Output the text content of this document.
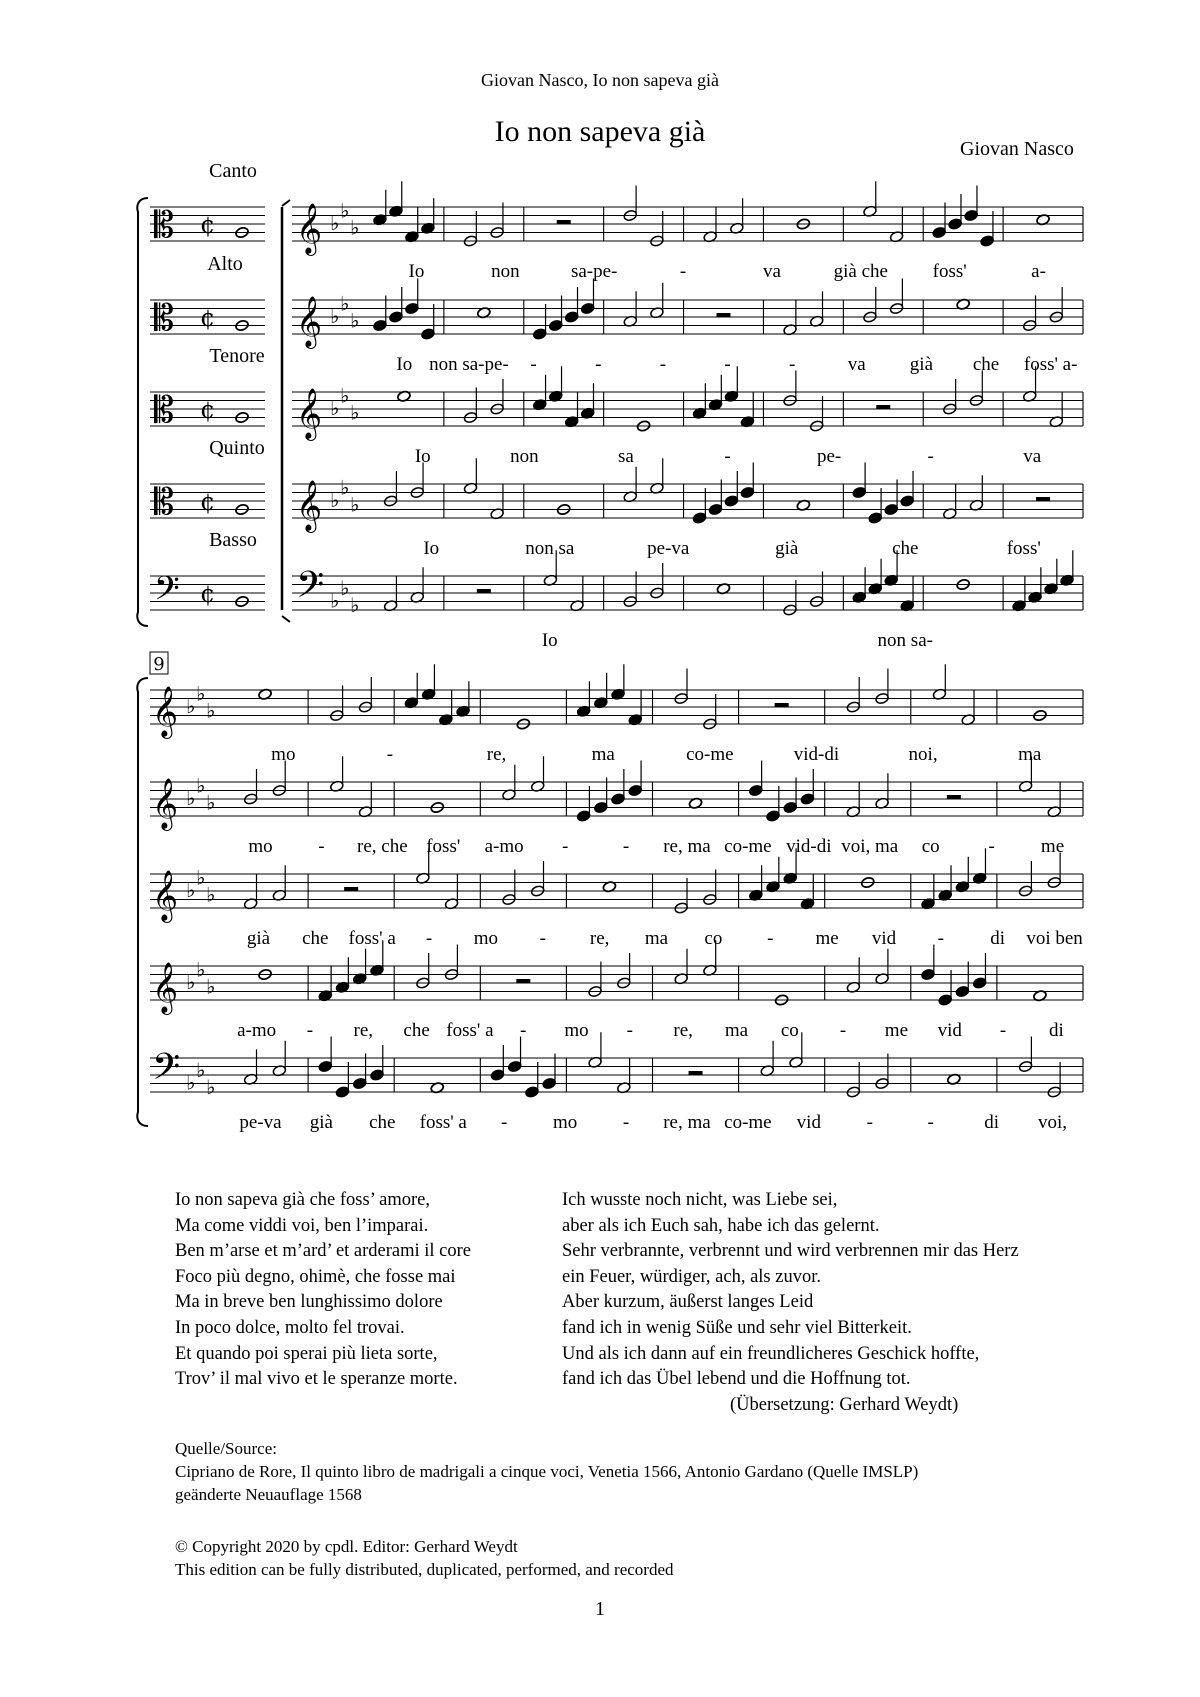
Giovan Nasco, Io non sapeva già
Io non sapeva già
Giovan Nasco
Canto
𝄡 ¢ 𝄞 ♭
♭
♭
Io	non	sa-pe-	-	va	già che foss'	a-
Alto
𝄡 ¢ 𝄞 ♭
♭
♭
Io non sa-pe- -	-	-	-	-	va già che foss' a-
Tenore
𝄡 ¢ 𝄞 ♭
♭
♭
Io	non	sa	-	pe-	-	va
Quinto
𝄡 ¢ 𝄞 ♭
♭
♭
Io	non sa	pe-va	già	che	foss'
Basso
𝄢 ¢ 𝄢 ♭
♭
♭
Io	non sa-
9
𝄞 ♭
♭
♭
mo	-	re,	ma	co-me	vid-di	noi,	ma
𝄞 ♭
♭
♭
mo - re, che foss' a-mo -	- re, ma co-me vid-di voi, ma co	- me
𝄞 ♭
♭
♭
già che foss' a - mo - re, ma co - me vid - di voi ben
𝄞 ♭
♭
♭
a-mo - re, che foss' a - mo - re, ma co - me vid - di
𝄢 ♭
♭
♭
pe-va già che foss' a - mo - re, ma co-me vid -	-	di voi,
Io non sapeva già che foss’ amore,
Ma come viddi voi, ben l’imparai.
Ben m’arse et m’ard’ et arderami il core
Foco più degno, ohimè, che fosse mai
Ma in breve ben lunghissimo dolore
In poco dolce, molto fel trovai.
Et quando poi sperai più lieta sorte,
Trov’ il mal vivo et le speranze morte.
Ich wusste noch nicht, was Liebe sei,
aber als ich Euch sah, habe ich das gelernt.
Sehr verbrannte, verbrennt und wird verbrennen mir das Herz
ein Feuer, würdiger, ach, als zuvor.
Aber kurzum, äußerst langes Leid
fand ich in wenig Süße und sehr viel Bitterkeit.
Und als ich dann auf ein freundlicheres Geschick hoffte,
fand ich das Übel lebend und die Hoffnung tot.
(Übersetzung: Gerhard Weydt)
Quelle/Source:
Cipriano de Rore, Il quinto libro de madrigali a cinque voci, Venetia 1566, Antonio Gardano (Quelle IMSLP)
geänderte Neuauflage 1568
© Copyright 2020 by cpdl. Editor: Gerhard Weydt
This edition can be fully distributed, duplicated, performed, and recorded
1
